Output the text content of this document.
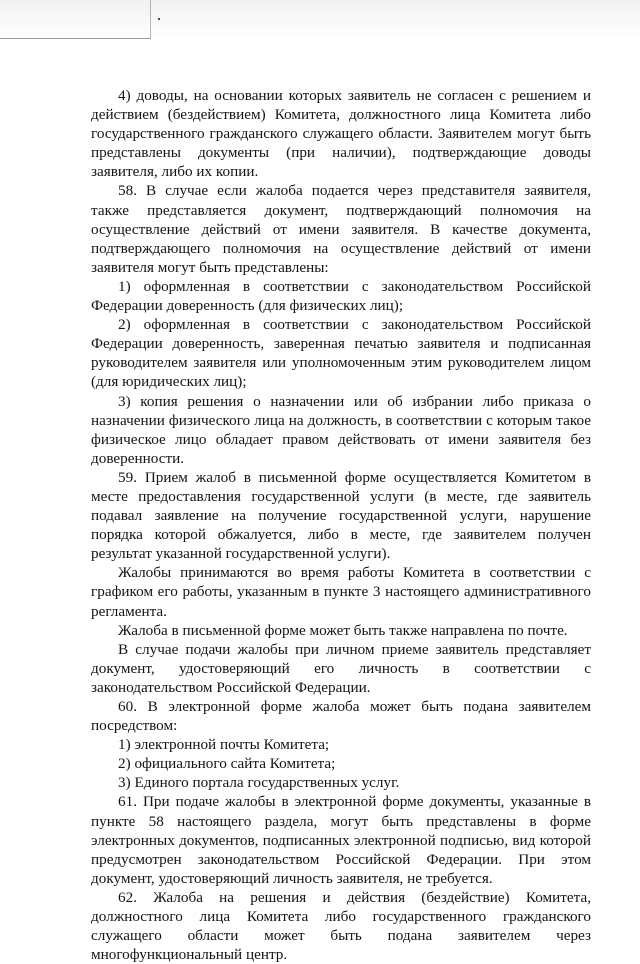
4) доводы, на основании которых заявитель не согласен с решением и действием (бездействием) Комитета, должностного лица Комитета либо государственного гражданского служащего области. Заявителем могут быть представлены документы (при наличии), подтверждающие доводы заявителя, либо их копии.

58. В случае если жалоба подается через представителя заявителя, также представляется документ, подтверждающий полномочия на осуществление действий от имени заявителя. В качестве документа, подтверждающего полномочия на осуществление действий от имени заявителя могут быть представлены:

1) оформленная в соответствии с законодательством Российской Федерации доверенность (для физических лиц);

2) оформленная в соответствии с законодательством Российской Федерации доверенность, заверенная печатью заявителя и подписанная руководителем заявителя или уполномоченным этим руководителем лицом (для юридических лиц);

3) копия решения о назначении или об избрании либо приказа о назначении физического лица на должность, в соответствии с которым такое физическое лицо обладает правом действовать от имени заявителя без доверенности.

59. Прием жалоб в письменной форме осуществляется Комитетом в месте предоставления государственной услуги (в месте, где заявитель подавал заявление на получение государственной услуги, нарушение порядка которой обжалуется, либо в месте, где заявителем получен результат указанной государственной услуги).

Жалобы принимаются во время работы Комитета в соответствии с графиком его работы, указанным в пункте 3 настоящего административного регламента.

Жалоба в письменной форме может быть также направлена по почте.

В случае подачи жалобы при личном приеме заявитель представляет документ, удостоверяющий его личность в соответствии с законодательством Российской Федерации.

60. В электронной форме жалоба может быть подана заявителем посредством:

1) электронной почты Комитета;

2) официального сайта Комитета;

3) Единого портала государственных услуг.

61. При подаче жалобы в электронной форме документы, указанные в пункте 58 настоящего раздела, могут быть представлены в форме электронных документов, подписанных электронной подписью, вид которой предусмотрен законодательством Российской Федерации. При этом документ, удостоверяющий личность заявителя, не требуется.

62. Жалоба на решения и действия (бездействие) Комитета, должностного лица Комитета либо государственного гражданского служащего области может быть подана заявителем через многофункциональный центр.
